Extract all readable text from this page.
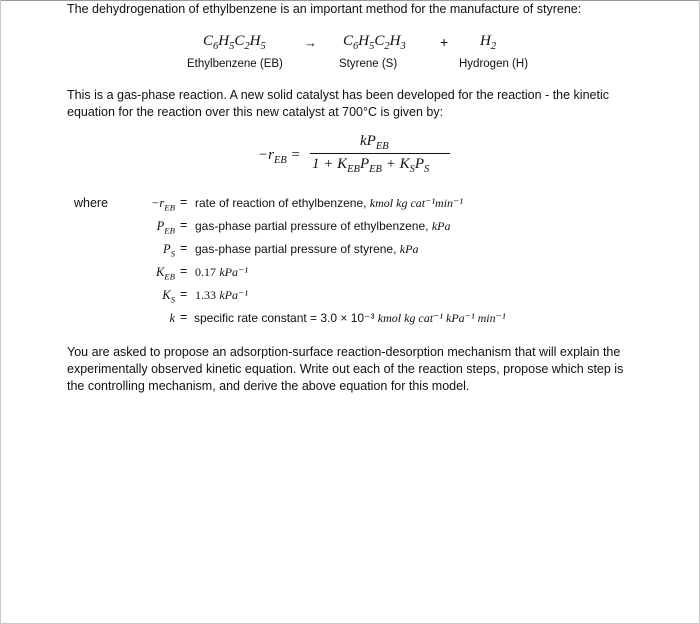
The dehydrogenation of ethylbenzene is an important method for the manufacture of styrene:
$C_6H_5C_2H_5$	→ $C_6H_5C_2H_3 + H_2$
Ethylbenzene (EB)	Styrene (S)	Hydrogen (H)
This is a gas-phase reaction. A new solid catalyst has been developed for the reaction - the kinetic
equation for the reaction over this new catalyst at 700°C is given by:
$-r_{EB}$ =
$kP_{EB}$
$1 + K_{EB}P_{EB} + K_SP_S$
where	$-r_{EB}$ = rate of reaction of ethylbenzene, kmol kg cat⁻¹min⁻¹
$P_{EB}$ = gas-phase partial pressure of ethylbenzene, kPa
$P_S$ = gas-phase partial pressure of styrene, kPa
$K_{EB} = 0.17$ kPa⁻¹
$K_S = 1.33$ kPa⁻¹
k = specific rate constant = 3.0 × 10⁻³ kmol kg cat⁻¹ kPa⁻¹ min⁻¹
You are asked to propose an adsorption-surface reaction-desorption mechanism that will explain the
experimentally observed kinetic equation. Write out each of the reaction steps, propose which step is
the controlling mechanism, and derive the above equation for this model.
